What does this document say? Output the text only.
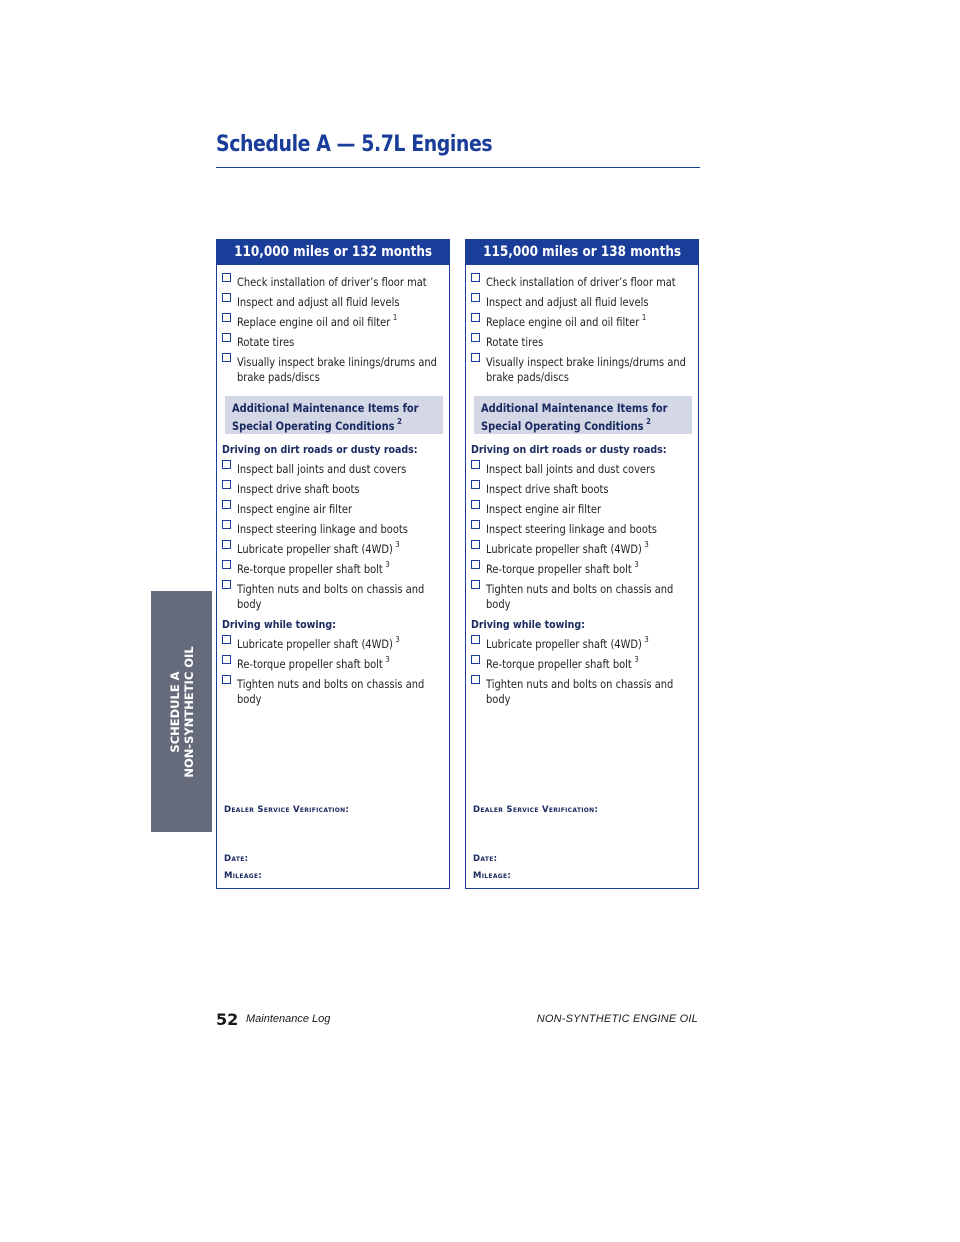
Schedule A — 5.7L Engines
SCHEDULE A NON-SYNTHETIC OIL
110,000 miles or 132 months
Check installation of driver’s floor mat
Inspect and adjust all fluid levels
Replace engine oil and oil filter $^1$
Rotate tires
Visually inspect brake linings/drums and
brake pads/discs
Additional Maintenance Items for
Special Operating Conditions $^2$
Driving on dirt roads or dusty roads:
Inspect ball joints and dust covers
Inspect drive shaft boots
Inspect engine air filter
Inspect steering linkage and boots
Lubricate propeller shaft (4WD) $^3$
Re-torque propeller shaft bolt $^3$
Tighten nuts and bolts on chassis and
body
Driving while towing:
Lubricate propeller shaft (4WD) $^3$
Re-torque propeller shaft bolt $^3$
Tighten nuts and bolts on chassis and
body
Dealer Service Verification:
Date:
Mileage:
115,000 miles or 138 months
Check installation of driver’s floor mat
Inspect and adjust all fluid levels
Replace engine oil and oil filter $^1$
Rotate tires
Visually inspect brake linings/drums and
brake pads/discs
Additional Maintenance Items for
Special Operating Conditions $^2$
Driving on dirt roads or dusty roads:
Inspect ball joints and dust covers
Inspect drive shaft boots
Inspect engine air filter
Inspect steering linkage and boots
Lubricate propeller shaft (4WD) $^3$
Re-torque propeller shaft bolt $^3$
Tighten nuts and bolts on chassis and
body
Driving while towing:
Lubricate propeller shaft (4WD) $^3$
Re-torque propeller shaft bolt $^3$
Tighten nuts and bolts on chassis and
body
Dealer Service Verification:
Date:
Mileage:
52 Maintenance Log	NON-SYNTHETIC ENGINE OIL
